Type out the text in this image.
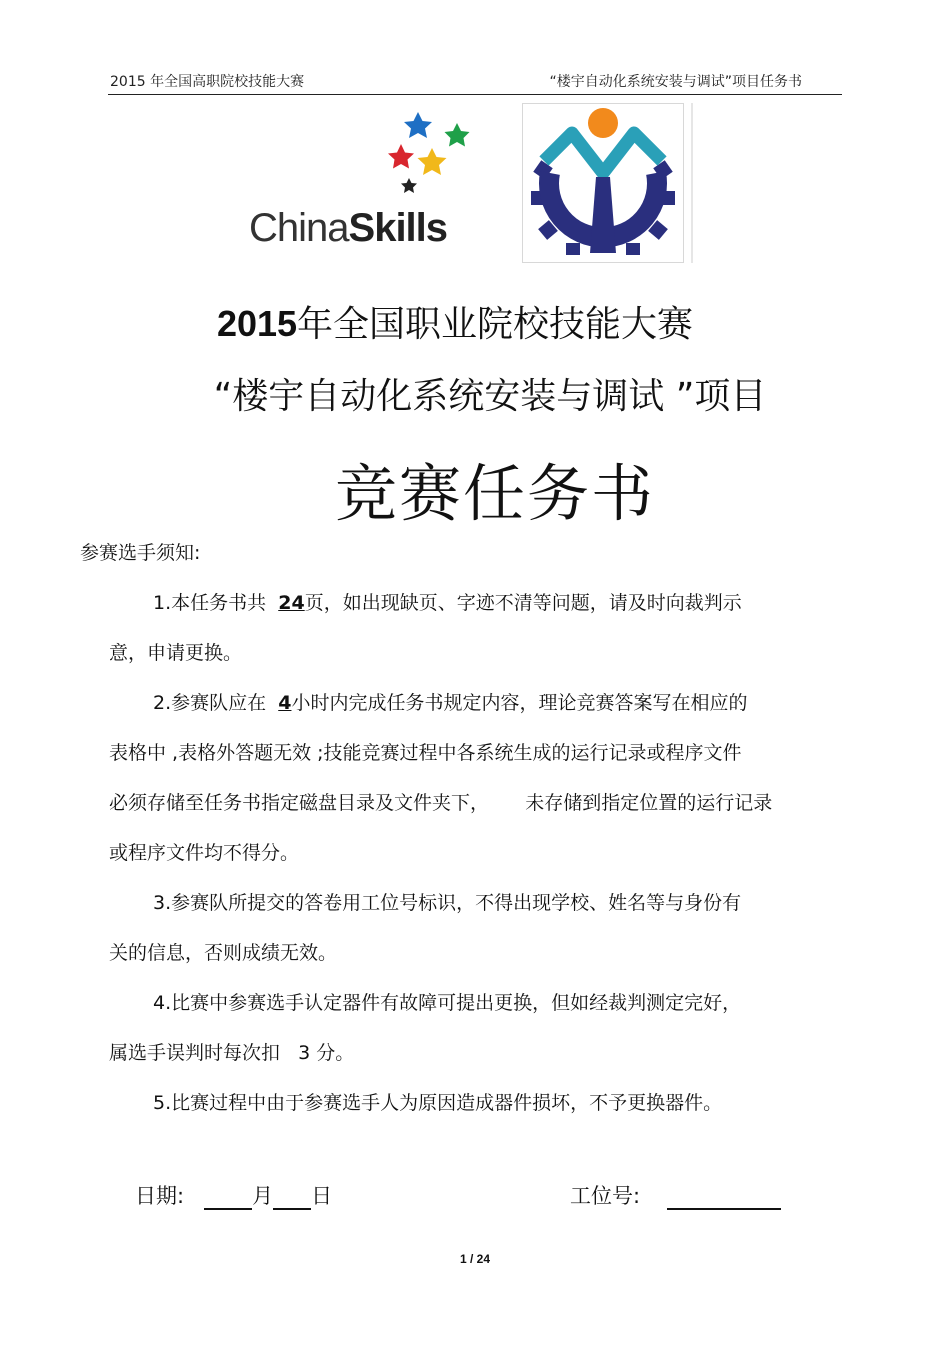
2015 年全国高职院校技能大赛	“楼宇自动化系统安装与调试”项目任务书
ChinaSkills
2015年全国职业院校技能大赛
“楼宇自动化系统安装与调试 ”项目
竞赛任务书
参赛选手须知:
1.本任务书共 24页，如出现缺页、字迹不清等问题，请及时向裁判示
意，申请更换。
2.参赛队应在 4小时内完成任务书规定内容，理论竞赛答案写在相应的
表格中 ,表格外答题无效 ;技能竞赛过程中各系统生成的运行记录或程序文件
必须存储至任务书指定磁盘目录及文件夹下，      未存储到指定位置的运行记录
或程序文件均不得分。
3.参赛队所提交的答卷用工位号标识，不得出现学校、姓名等与身份有
关的信息，否则成绩无效。
4.比赛中参赛选手认定器件有故障可提出更换，但如经裁判测定完好，
属选手误判时每次扣   3 分。
5.比赛过程中由于参赛选手人为原因造成器件损坏，不予更换器件。
日期:	月 日	工位号:
1 / 24
